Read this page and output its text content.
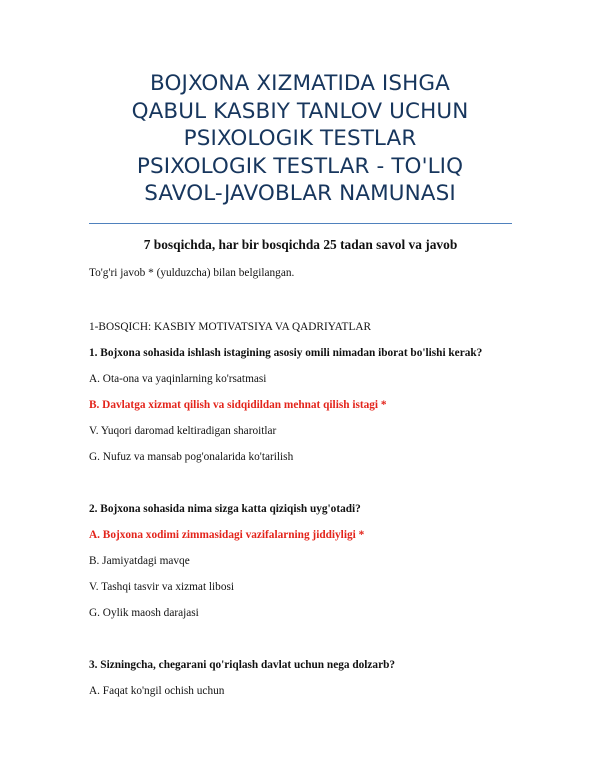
BOJXONA XIZMATIDA ISHGA
QABUL KASBIY TANLOV UCHUN
PSIXOLOGIK TESTLAR
PSIXOLOGIK TESTLAR - TO'LIQ
SAVOL-JAVOBLAR NAMUNASI

7 bosqichda, har bir bosqichda 25 tadan savol va javob

To'g'ri javob * (yulduzcha) bilan belgilangan.

1-BOSQICH: KASBIY MOTIVATSIYA VA QADRIYATLAR

1. Bojxona sohasida ishlash istagining asosiy omili nimadan iborat bo'lishi kerak?

A. Ota-ona va yaqinlarning ko'rsatmasi

B. Davlatga xizmat qilish va sidqidildan mehnat qilish istagi *

V. Yuqori daromad keltiradigan sharoitlar

G. Nufuz va mansab pog'onalarida ko'tarilish

2. Bojxona sohasida nima sizga katta qiziqish uyg'otadi?

A. Bojxona xodimi zimmasidagi vazifalarning jiddiyligi *

B. Jamiyatdagi mavqe

V. Tashqi tasvir va xizmat libosi

G. Oylik maosh darajasi

3. Sizningcha, chegarani qo'riqlash davlat uchun nega dolzarb?

A. Faqat ko'ngil ochish uchun
